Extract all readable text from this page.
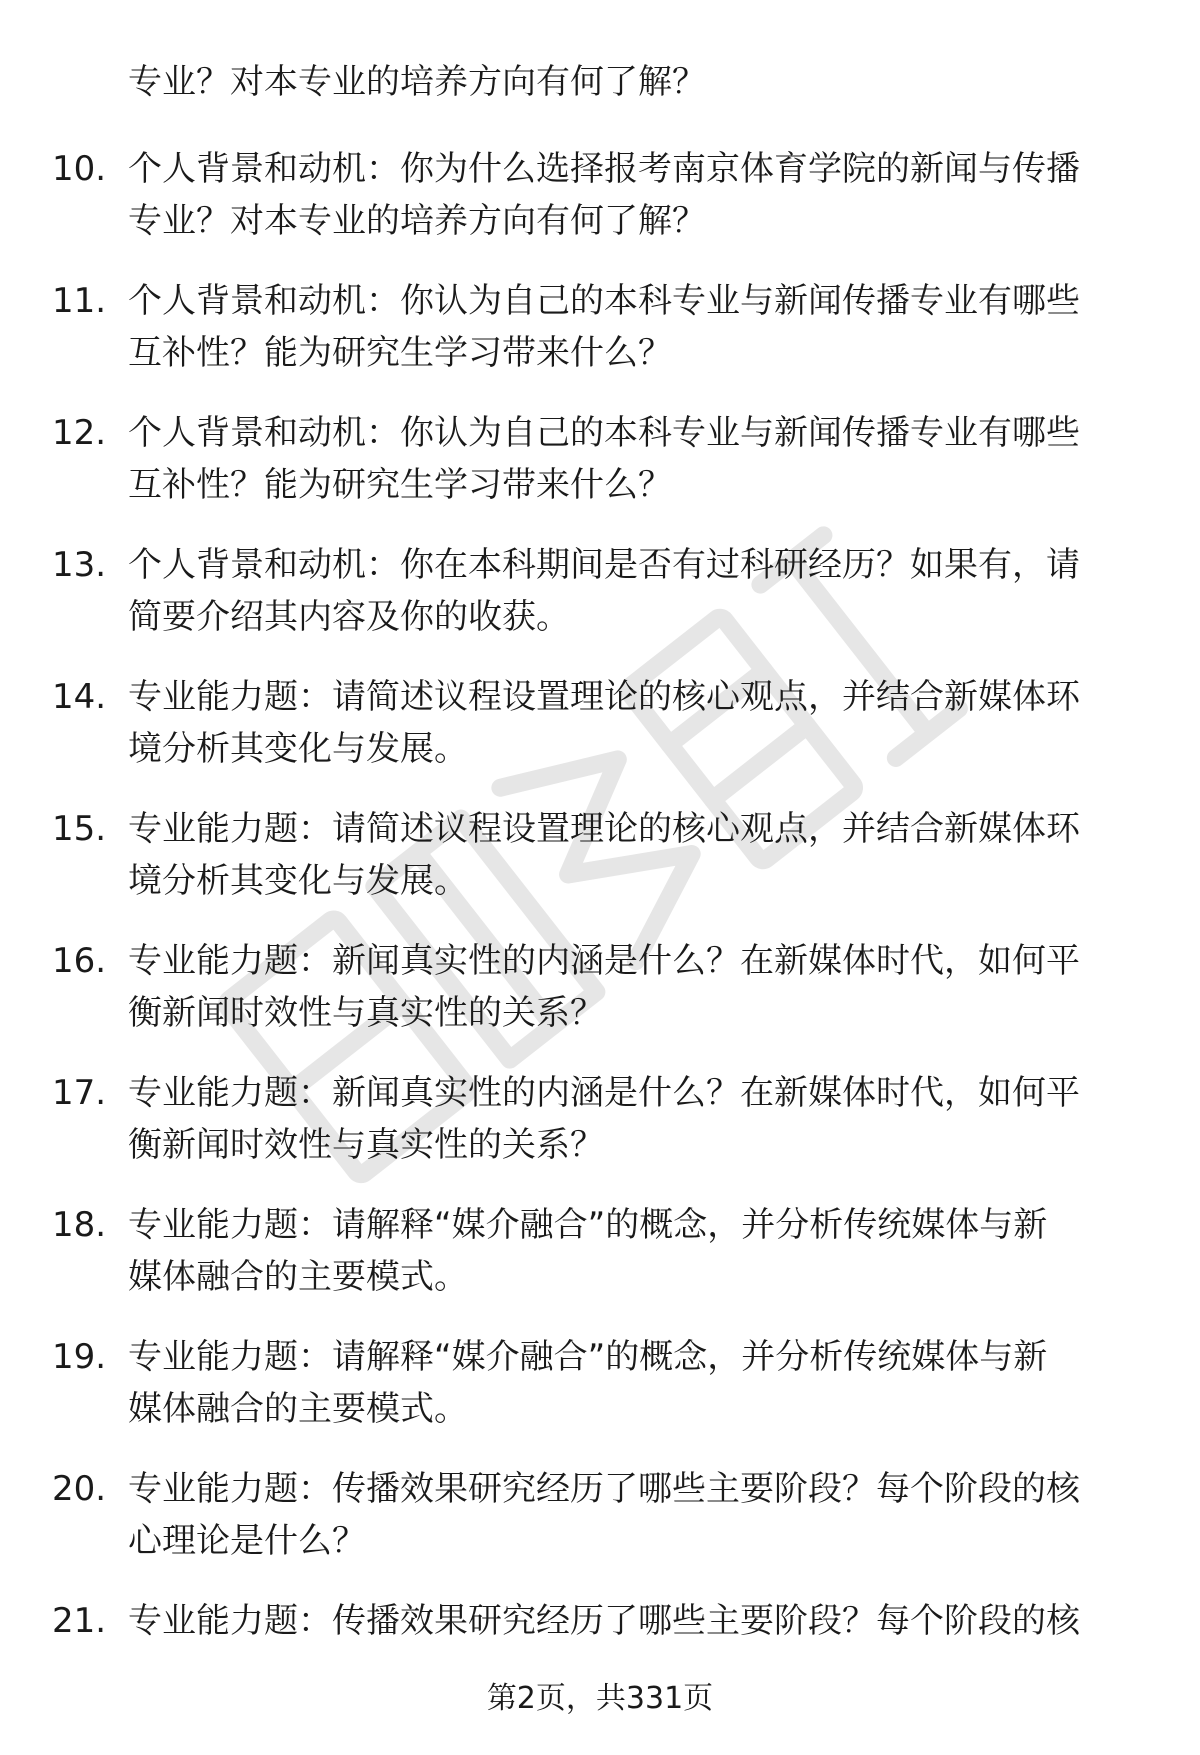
专业？对本专业的培养方向有何了解？
10. 个人背景和动机：你为什么选择报考南京体育学院的新闻与传播
专业？对本专业的培养方向有何了解？
11. 个人背景和动机：你认为自己的本科专业与新闻传播专业有哪些
互补性？能为研究生学习带来什么？
12. 个人背景和动机：你认为自己的本科专业与新闻传播专业有哪些
互补性？能为研究生学习带来什么？
13. 个人背景和动机：你在本科期间是否有过科研经历？如果有，请
简要介绍其内容及你的收获。
14. 专业能力题：请简述议程设置理论的核心观点，并结合新媒体环
境分析其变化与发展。
15. 专业能力题：请简述议程设置理论的核心观点，并结合新媒体环
境分析其变化与发展。
16. 专业能力题：新闻真实性的内涵是什么？在新媒体时代，如何平
衡新闻时效性与真实性的关系？
17. 专业能力题：新闻真实性的内涵是什么？在新媒体时代，如何平
衡新闻时效性与真实性的关系？
18. 专业能力题：请解释“媒介融合”的概念，并分析传统媒体与新
媒体融合的主要模式。
19. 专业能力题：请解释“媒介融合”的概念，并分析传统媒体与新
媒体融合的主要模式。
20. 专业能力题：传播效果研究经历了哪些主要阶段？每个阶段的核
心理论是什么？
21. 专业能力题：传播效果研究经历了哪些主要阶段？每个阶段的核
第2页，共331页
